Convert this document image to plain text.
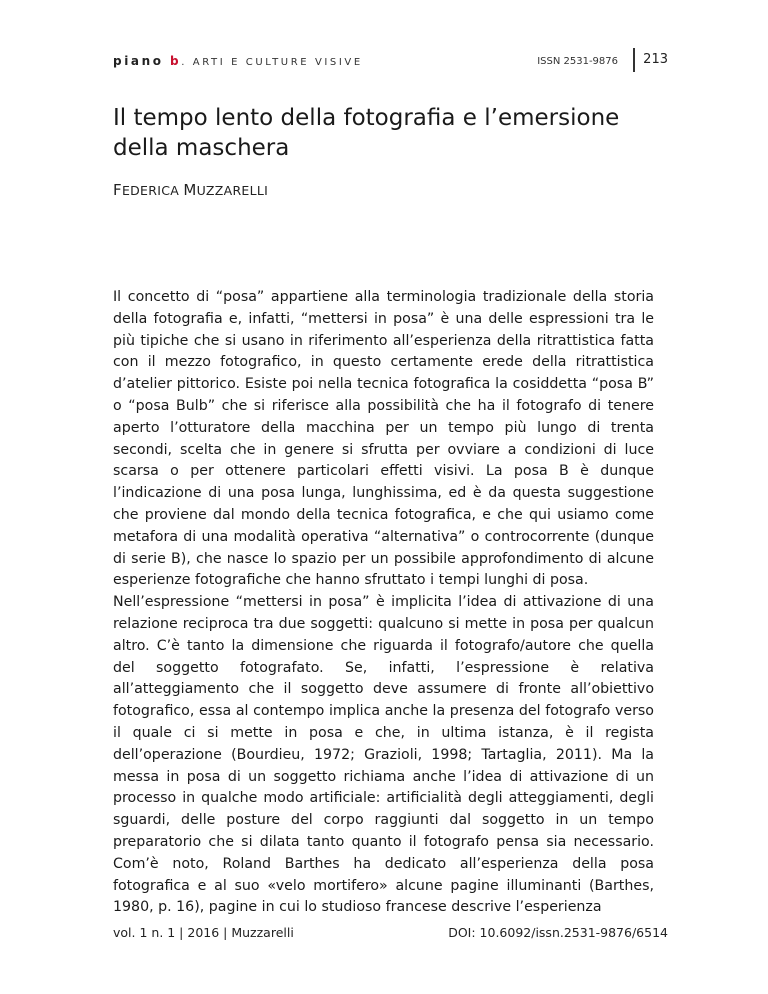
piano b. ARTI E CULTURE VISIVE	ISSN 2531-9876	213
Il tempo lento della fotografia e l’emersione della maschera
FEDERICA MUZZARELLI

Il concetto di “posa” appartiene alla terminologia tradizionale della storia della fotografia e, infatti, “mettersi in posa” è una delle espressioni tra le più tipiche che si usano in riferimento all’esperienza della ritrattistica fatta con il mezzo fotografico, in questo certamente erede della ritrattistica d’atelier pittorico. Esiste poi nella tecnica fotografica la cosiddetta “posa B” o “posa Bulb” che si riferisce alla possibilità che ha il fotografo di tenere aperto l’otturatore della macchina per un tempo più lungo di trenta secondi, scelta che in genere si sfrutta per ovviare a condizioni di luce scarsa o per ottenere particolari effetti visivi. La posa B è dunque l’indicazione di una posa lunga, lunghissima, ed è da questa suggestione che proviene dal mondo della tecnica fotografica, e che qui usiamo come metafora di una modalità operativa “alternativa” o controcorrente (dunque di serie B), che nasce lo spazio per un possibile approfondimento di alcune esperienze fotografiche che hanno sfruttato i tempi lunghi di posa.

Nell’espressione “mettersi in posa” è implicita l’idea di attivazione di una relazione reciproca tra due soggetti: qualcuno si mette in posa per qualcun altro. C’è tanto la dimensione che riguarda il fotografo/autore che quella del soggetto fotografato. Se, infatti, l’espressione è relativa all’atteggiamento che il soggetto deve assumere di fronte all’obiettivo fotografico, essa al contempo implica anche la presenza del fotografo verso il quale ci si mette in posa e che, in ultima istanza, è il regista dell’operazione (Bourdieu, 1972; Grazioli, 1998; Tartaglia, 2011). Ma la messa in posa di un soggetto richiama anche l’idea di attivazione di un processo in qualche modo artificiale: artificialità degli atteggiamenti, degli sguardi, delle posture del corpo raggiunti dal soggetto in un tempo preparatorio che si dilata tanto quanto il fotografo pensa sia necessario. Com’è noto, Roland Barthes ha dedicato all’esperienza della posa fotografica e al suo «velo mortifero» alcune pagine illuminanti (Barthes, 1980, p. 16), pagine in cui lo studioso francese descrive l’esperienza

vol. 1 n. 1 | 2016 | Muzzarelli	DOI: 10.6092/issn.2531-9876/6514
